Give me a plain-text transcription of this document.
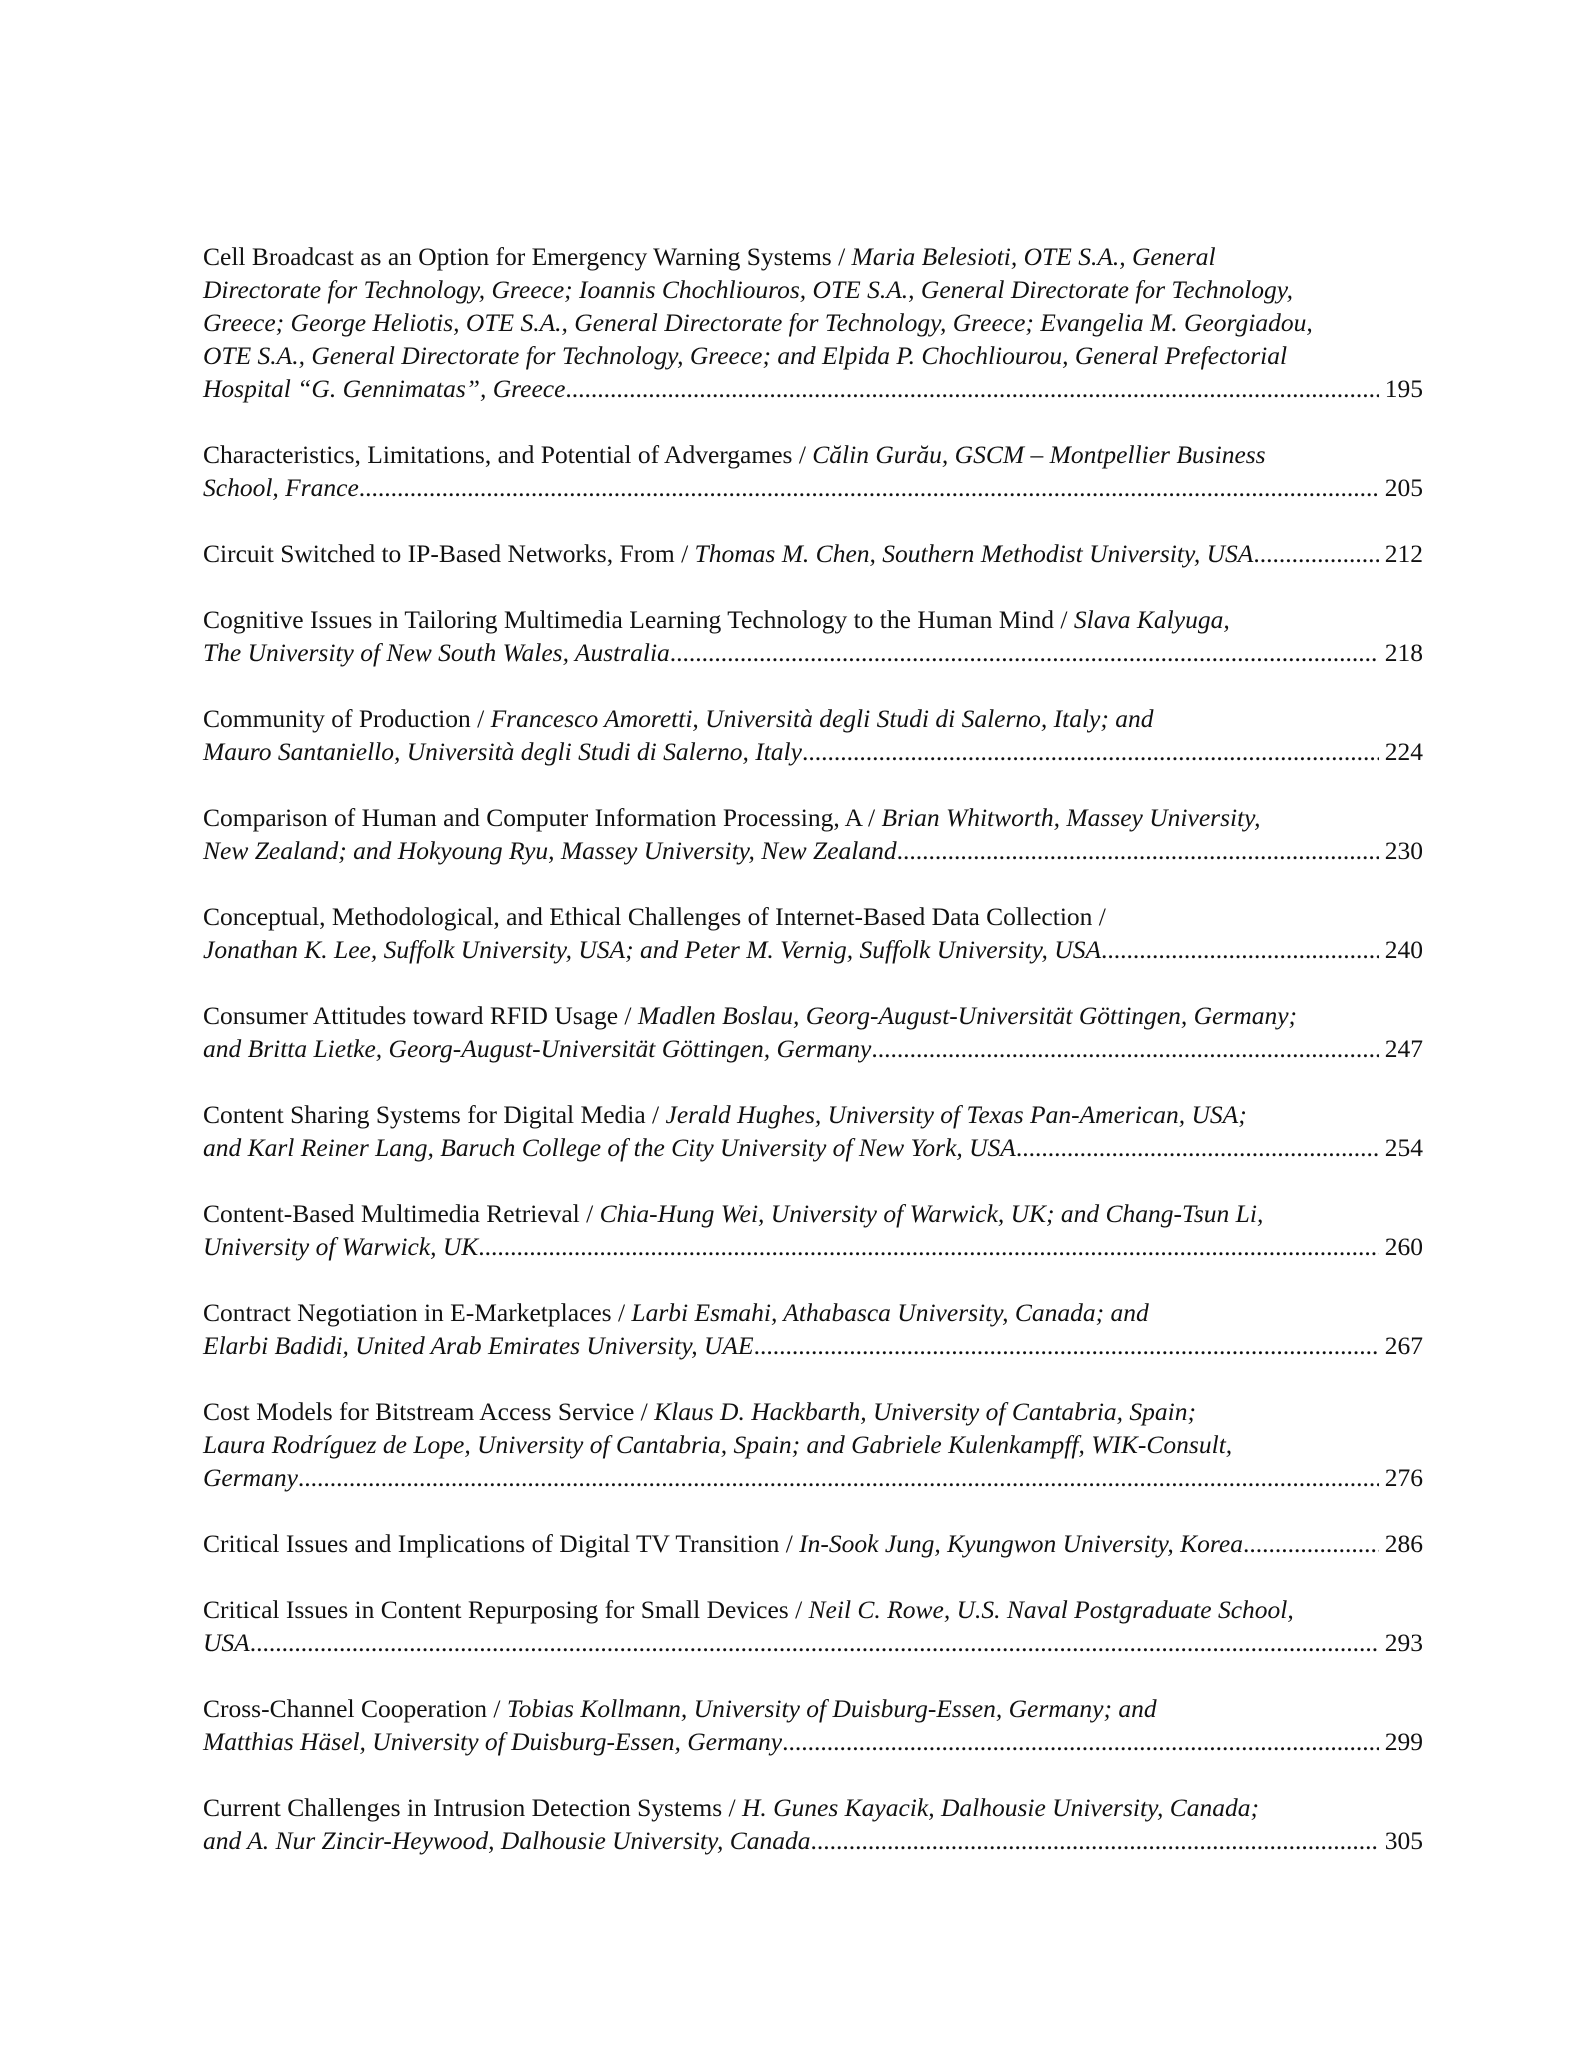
Cell Broadcast as an Option for Emergency Warning Systems / Maria Belesioti, OTE S.A., General
Directorate for Technology, Greece; Ioannis Chochliouros, OTE S.A., General Directorate for Technology,
Greece; George Heliotis, OTE S.A., General Directorate for Technology, Greece; Evangelia M. Georgiadou,
OTE S.A., General Directorate for Technology, Greece; and Elpida P. Chochliourou, General Prefectorial
Hospital “G. Gennimatas”, Greece .....	195
Characteristics, Limitations, and Potential of Advergames / Călin Gurău, GSCM – Montpellier Business
School, France .....	205
Circuit Switched to IP-Based Networks, From / Thomas M. Chen, Southern Methodist University, USA .....	212
Cognitive Issues in Tailoring Multimedia Learning Technology to the Human Mind / Slava Kalyuga,
The University of New South Wales, Australia .....	218
Community of Production / Francesco Amoretti, Università degli Studi di Salerno, Italy; and
Mauro Santaniello, Università degli Studi di Salerno, Italy .....	224
Comparison of Human and Computer Information Processing, A / Brian Whitworth, Massey University,
New Zealand; and Hokyoung Ryu, Massey University, New Zealand .....	230
Conceptual, Methodological, and Ethical Challenges of Internet-Based Data Collection /
Jonathan K. Lee, Suffolk University, USA; and Peter M. Vernig, Suffolk University, USA .....	240
Consumer Attitudes toward RFID Usage / Madlen Boslau, Georg-August-Universität Göttingen, Germany;
and Britta Lietke, Georg-August-Universität Göttingen, Germany .....	247
Content Sharing Systems for Digital Media / Jerald Hughes, University of Texas Pan-American, USA;
and Karl Reiner Lang, Baruch College of the City University of New York, USA .....	254
Content-Based Multimedia Retrieval / Chia-Hung Wei, University of Warwick, UK; and Chang-Tsun Li,
University of Warwick, UK .....	260
Contract Negotiation in E-Marketplaces / Larbi Esmahi, Athabasca University, Canada; and
Elarbi Badidi, United Arab Emirates University, UAE .....	267
Cost Models for Bitstream Access Service / Klaus D. Hackbarth, University of Cantabria, Spain;
Laura Rodríguez de Lope, University of Cantabria, Spain; and Gabriele Kulenkampff, WIK-Consult,
Germany .....	276
Critical Issues and Implications of Digital TV Transition / In-Sook Jung, Kyungwon University, Korea .....	286
Critical Issues in Content Repurposing for Small Devices / Neil C. Rowe, U.S. Naval Postgraduate School,
USA .....	293
Cross-Channel Cooperation / Tobias Kollmann, University of Duisburg-Essen, Germany; and
Matthias Häsel, University of Duisburg-Essen, Germany .....	299
Current Challenges in Intrusion Detection Systems / H. Gunes Kayacik, Dalhousie University, Canada;
and A. Nur Zincir-Heywood, Dalhousie University, Canada .....	305
